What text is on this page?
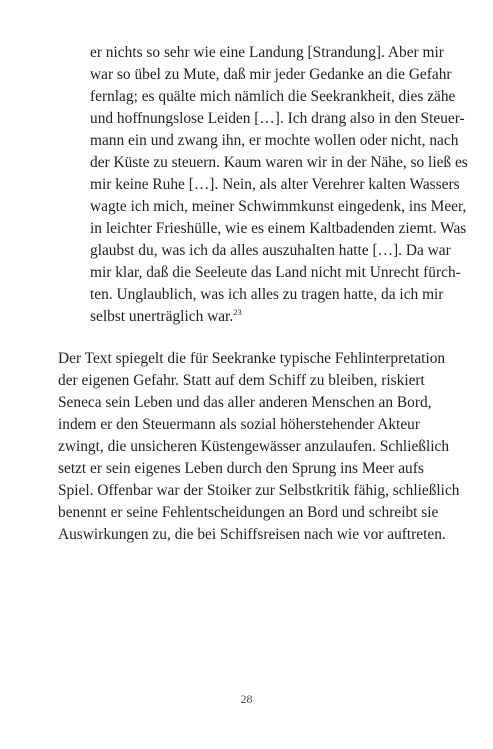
er nichts so sehr wie eine Landung [Strandung]. Aber mir
war so übel zu Mute, daß mir jeder Gedanke an die Gefahr
fernlag; es quälte mich nämlich die Seekrankheit, dies zähe
und hoffnungslose Leiden […]. Ich drang also in den Steuer-
mann ein und zwang ihn, er mochte wollen oder nicht, nach
der Küste zu steuern. Kaum waren wir in der Nähe, so ließ es
mir keine Ruhe […]. Nein, als alter Verehrer kalten Wassers
wagte ich mich, meiner Schwimmkunst eingedenk, ins Meer,
in leichter Frieshülle, wie es einem Kaltbadenden ziemt. Was
glaubst du, was ich da alles auszuhalten hatte […]. Da war
mir klar, daß die Seeleute das Land nicht mit Unrecht fürch-
ten. Unglaublich, was ich alles zu tragen hatte, da ich mir
selbst unerträglich war.$^{23}$
Der Text spiegelt die für Seekranke typische Fehlinterpretation
der eigenen Gefahr. Statt auf dem Schiff zu bleiben, riskiert
Seneca sein Leben und das aller anderen Menschen an Bord,
indem er den Steuermann als sozial höherstehender Akteur
zwingt, die unsicheren Küstengewässer anzulaufen. Schließlich
setzt er sein eigenes Leben durch den Sprung ins Meer aufs
Spiel. Offenbar war der Stoiker zur Selbstkritik fähig, schließlich
benennt er seine Fehlentscheidungen an Bord und schreibt sie
Auswirkungen zu, die bei Schiffsreisen nach wie vor auftreten.
28
